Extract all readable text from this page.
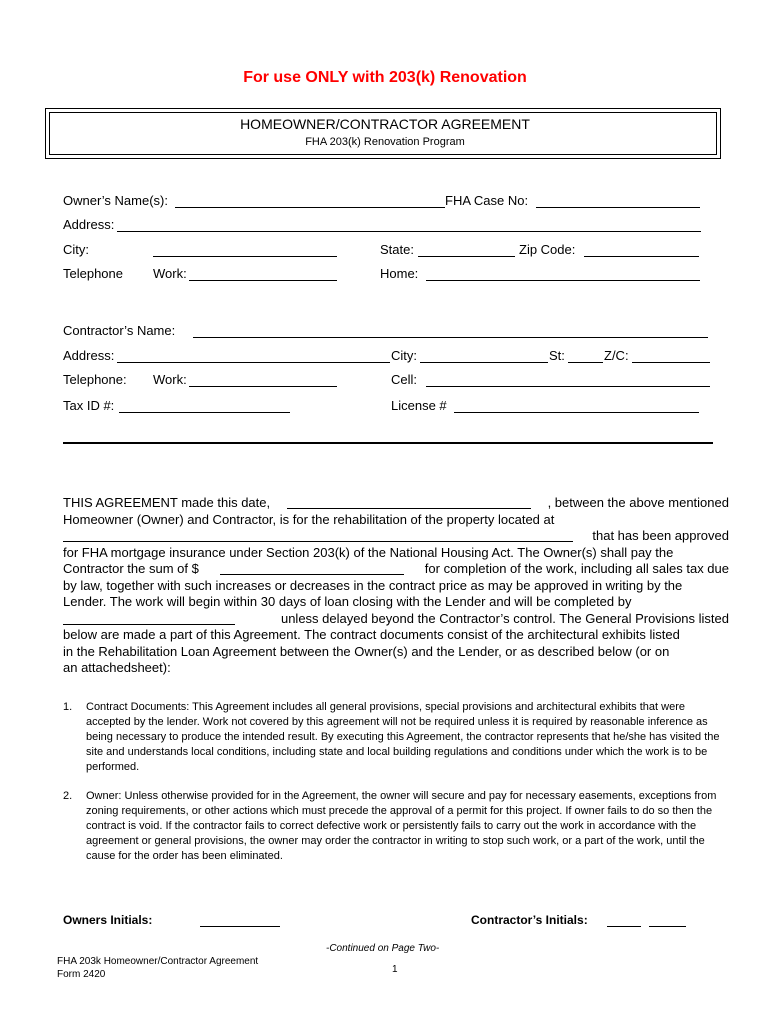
For use ONLY with 203(k) Renovation
HOMEOWNER/CONTRACTOR AGREEMENT
FHA 203(k) Renovation Program
Owner’s Name(s):	FHA Case No:
Address:
City:	State:	Zip Code:
Telephone Work:	Home:
Contractor’s Name:
Address:	City:	St:	Z/C:
Telephone: Work:	Cell:
Tax ID #:	License #
THIS AGREEMENT made this date,	, between the above mentioned
Homeowner (Owner) and Contractor, is for the rehabilitation of the property located at
that has been approved
for FHA mortgage insurance under Section 203(k) of the National Housing Act. The Owner(s) shall pay the
Contractor the sum of $	for completion of the work, including all sales tax due
by law, together with such increases or decreases in the contract price as may be approved in writing by the
Lender. The work will begin within 30 days of loan closing with the Lender and will be completed by
unless delayed beyond the Contractor’s control. The General Provisions listed
below are made a part of this Agreement. The contract documents consist of the architectural exhibits listed
in the Rehabilitation Loan Agreement between the Owner(s) and the Lender, or as described below (or on
an attachedsheet):
1. Contract Documents: This Agreement includes all general provisions, special provisions and architectural exhibits that were accepted by the lender. Work not covered by this agreement will not be required unless it is required by reasonable inference as being necessary to produce the intended result. By executing this Agreement, the contractor represents that he/she has visited the site and understands local conditions, including state and local building regulations and conditions under which the work is to be performed.
2. Owner: Unless otherwise provided for in the Agreement, the owner will secure and pay for necessary easements, exceptions from zoning requirements, or other actions which must precede the approval of a permit for this project. If owner fails to do so then the contract is void. If the contractor fails to correct defective work or persistently fails to carry out the work in accordance with the agreement or general provisions, the owner may order the contractor in writing to stop such work, or a part of the work, until the cause for the order has been eliminated.
Owners Initials:	Contractor’s Initials:
-Continued on Page Two-
FHA 203k Homeowner/Contractor Agreement
Form 2420	1
